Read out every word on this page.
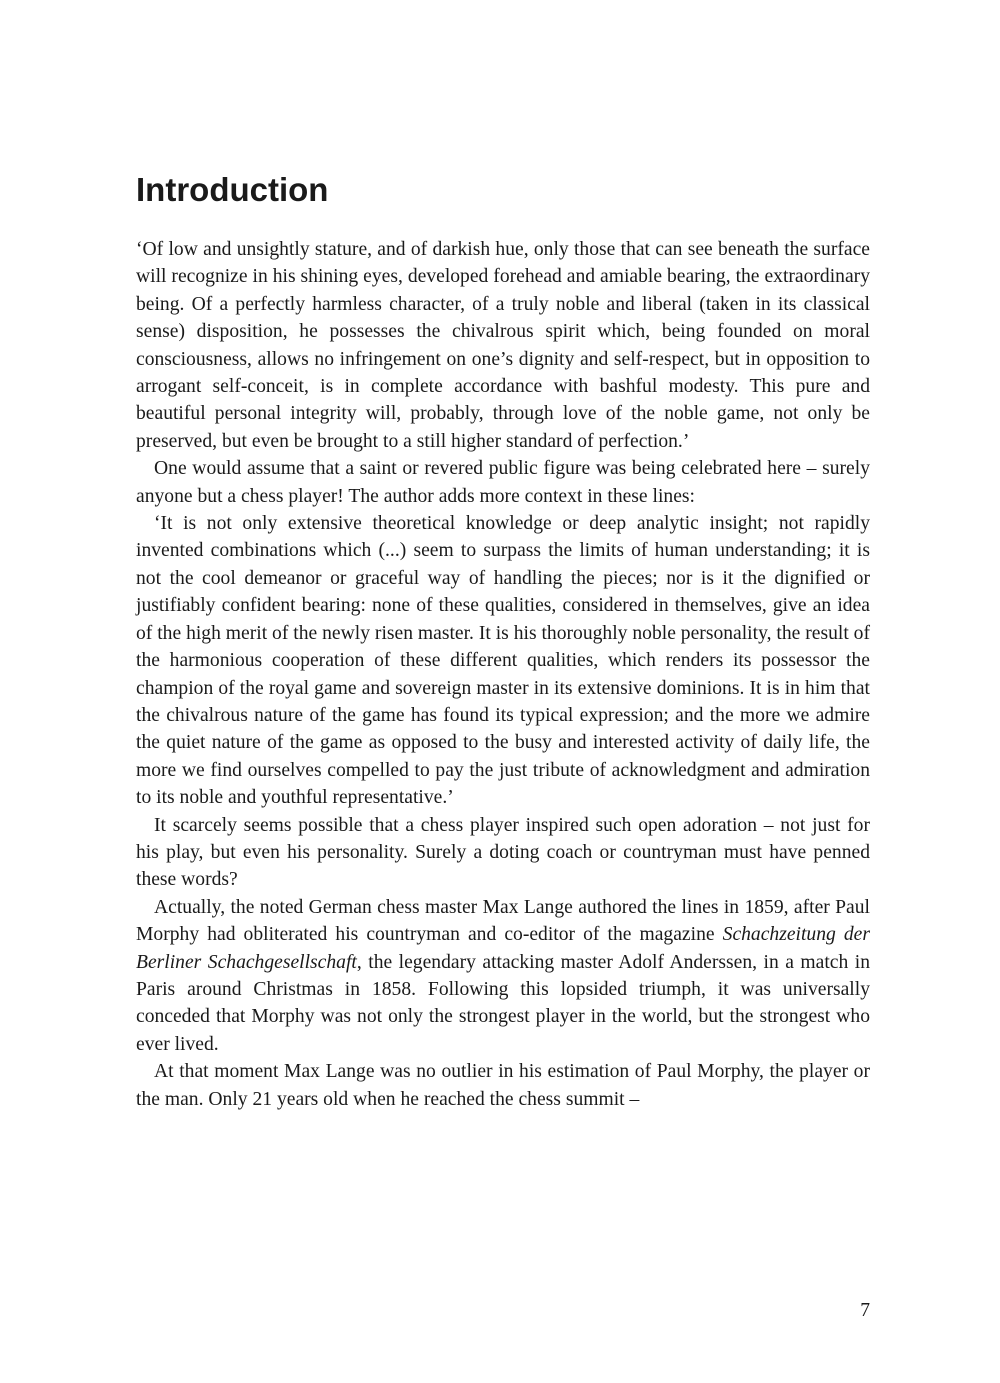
Introduction

‘Of low and unsightly stature, and of darkish hue, only those that can see beneath the surface will recognize in his shining eyes, developed forehead and amiable bearing, the extraordinary being. Of a perfectly harmless character, of a truly noble and liberal (taken in its classical sense) disposition, he possesses the chivalrous spirit which, being founded on moral consciousness, allows no infringement on one’s dignity and self-respect, but in opposition to arrogant self-conceit, is in complete accordance with bashful modesty. This pure and beautiful personal integrity will, probably, through love of the noble game, not only be preserved, but even be brought to a still higher standard of perfection.’

One would assume that a saint or revered public figure was being celebrated here – surely anyone but a chess player! The author adds more context in these lines:

‘It is not only extensive theoretical knowledge or deep analytic insight; not rapidly invented combinations which (...) seem to surpass the limits of human understanding; it is not the cool demeanor or graceful way of handling the pieces; nor is it the dignified or justifiably confident bearing: none of these qualities, considered in themselves, give an idea of the high merit of the newly risen master. It is his thoroughly noble personality, the result of the harmonious cooperation of these different qualities, which renders its possessor the champion of the royal game and sovereign master in its extensive dominions. It is in him that the chivalrous nature of the game has found its typical expression; and the more we admire the quiet nature of the game as opposed to the busy and interested activity of daily life, the more we find ourselves compelled to pay the just tribute of acknowledgment and admiration to its noble and youthful representative.’

It scarcely seems possible that a chess player inspired such open adoration – not just for his play, but even his personality. Surely a doting coach or countryman must have penned these words?

Actually, the noted German chess master Max Lange authored the lines in 1859, after Paul Morphy had obliterated his countryman and co-editor of the magazine Schachzeitung der Berliner Schachgesellschaft, the legendary attacking master Adolf Anderssen, in a match in Paris around Christmas in 1858. Following this lopsided triumph, it was universally conceded that Morphy was not only the strongest player in the world, but the strongest who ever lived.

At that moment Max Lange was no outlier in his estimation of Paul Morphy, the player or the man. Only 21 years old when he reached the chess summit –

7
